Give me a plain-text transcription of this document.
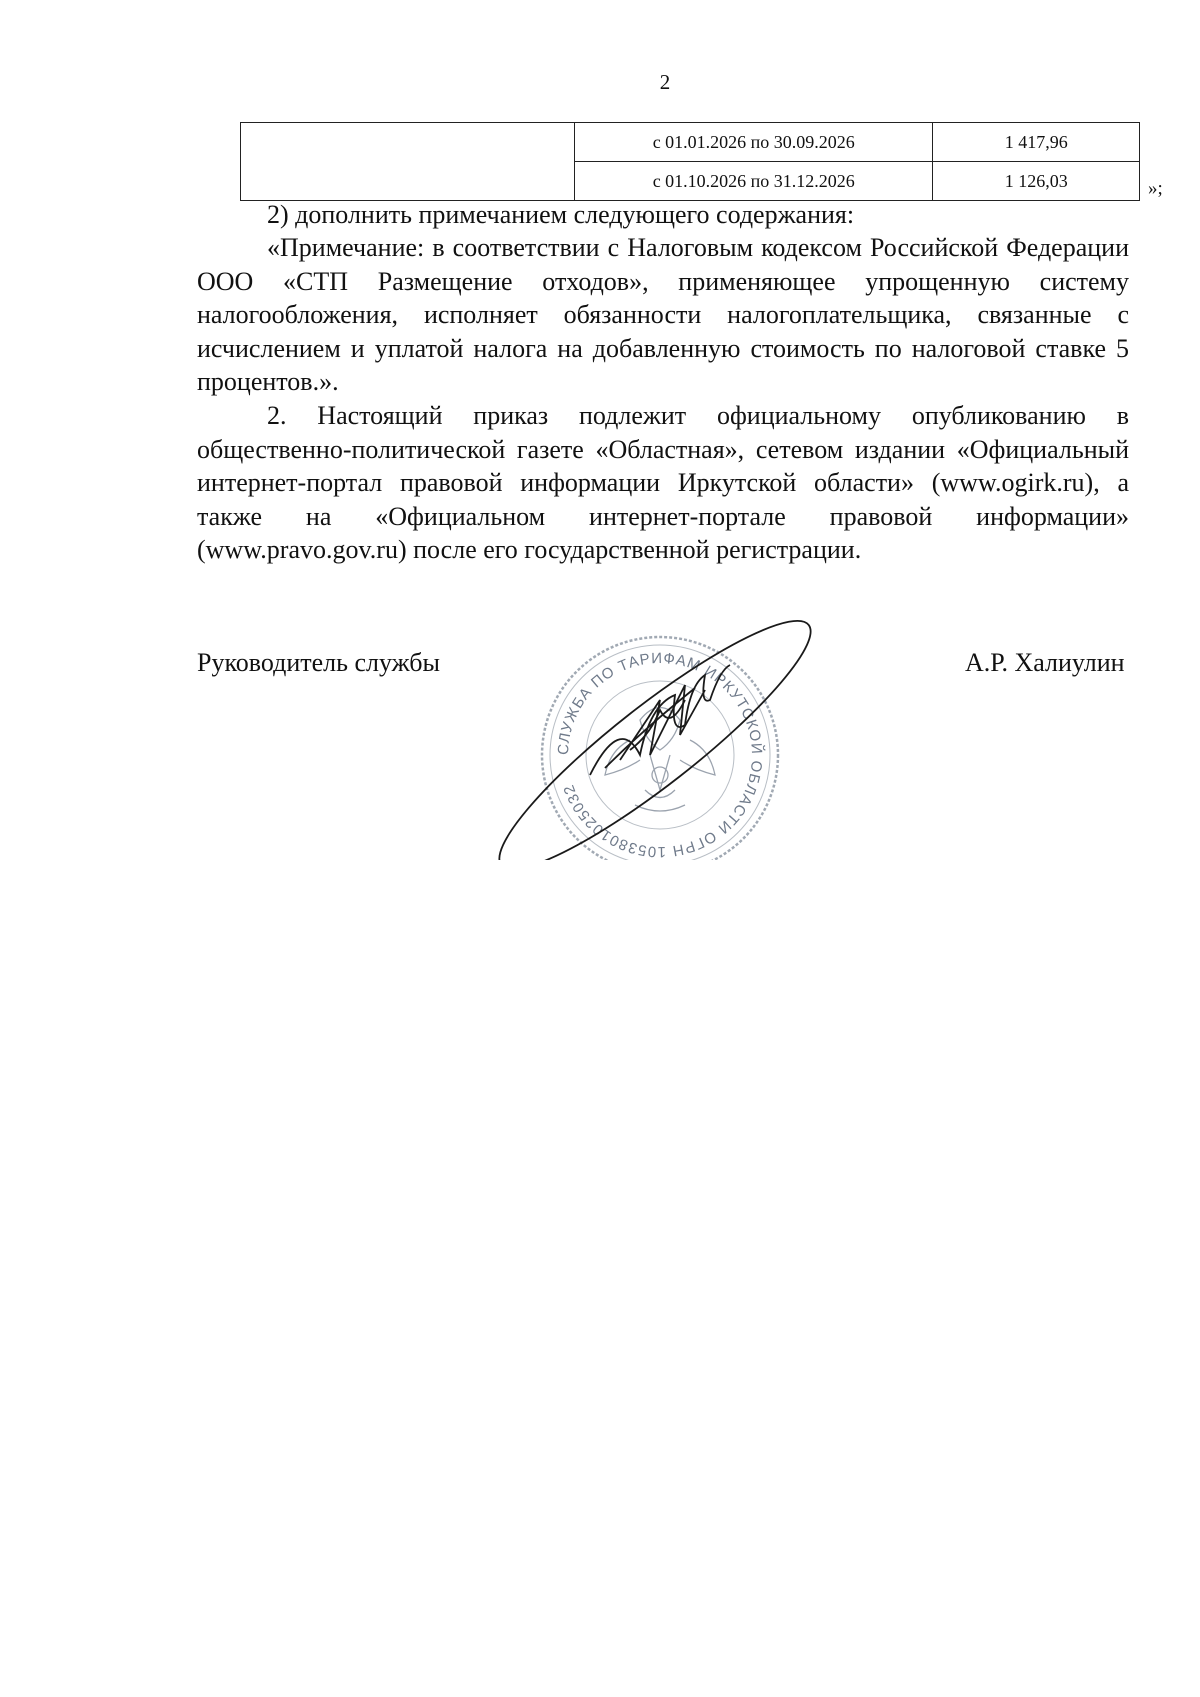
2
	с 01.01.2026 по 30.09.2026	1 417,96
	с 01.10.2026 по 31.12.2026	1 126,03	»;

2) дополнить примечанием следующего содержания:

«Примечание: в соответствии с Налоговым кодексом Российской Федерации ООО «СТП Размещение отходов», применяющее упрощенную систему налогообложения, исполняет обязанности налогоплательщика, связанные с исчислением и уплатой налога на добавленную стоимость по налоговой ставке 5 процентов.».

2. Настоящий приказ подлежит официальному опубликованию в общественно-политической газете «Областная», сетевом издании «Официальный интернет-портал правовой информации Иркутской области» (www.ogirk.ru), а также на «Официальном интернет-портале правовой информации» (www.pravo.gov.ru) после его государственной регистрации.

Руководитель службы	А.Р. Халиулин
СЛУЖБА ПО ТАРИФАМ ИРКУТСКОЙ ОБЛАСТИ ОГРН 1053801025032
